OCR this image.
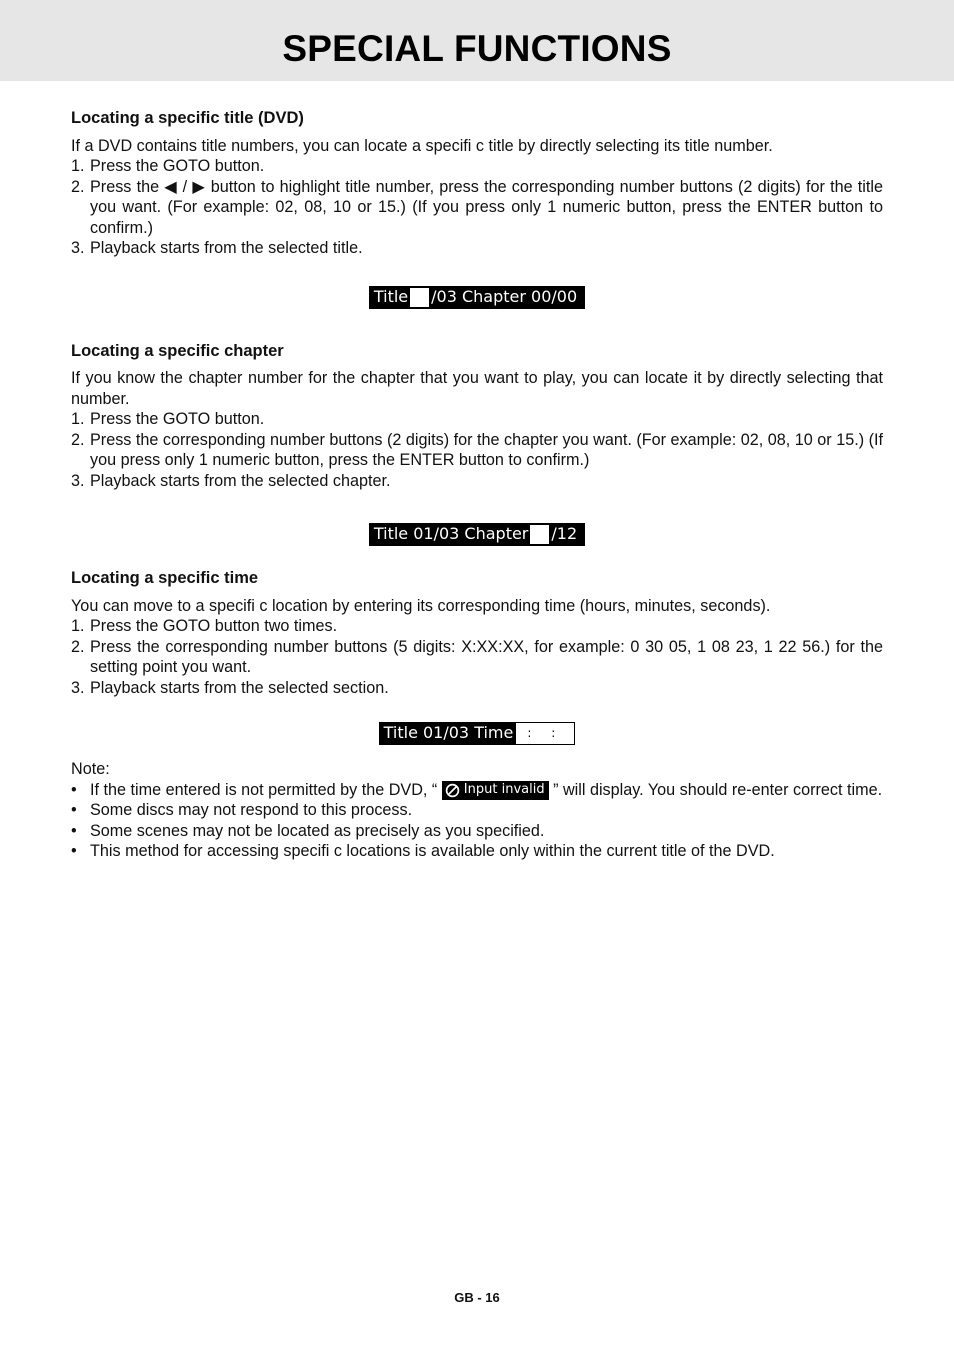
SPECIAL FUNCTIONS
Locating a specific title (DVD)

If a DVD contains title numbers, you can locate a specifi c title by directly selecting its title number.

1. Press the GOTO button.
2. Press the ◀ / ▶ button to highlight title number, press the corresponding number buttons (2 digits) for the title you want. (For example: 02, 08, 10 or 15.) (If you press only 1 numeric button, press the ENTER button to confirm.)
3. Playback starts from the selected title.
Title /03 Chapter 00/00
Locating a specific chapter

If you know the chapter number for the chapter that you want to play, you can locate it by directly selecting that number.

1. Press the GOTO button.
2. Press the corresponding number buttons (2 digits) for the chapter you want. (For example: 02, 08, 10 or 15.) (If you press only 1 numeric button, press the ENTER button to confirm.)
3. Playback starts from the selected chapter.
Title 01/03 Chapter /12
Locating a specific time

You can move to a specifi c location by entering its corresponding time (hours, minutes, seconds).

1. Press the GOTO button two times.
2. Press the corresponding number buttons (5 digits: X:XX:XX, for example: 0 30 05, 1 08 23, 1 22 56.) for the setting point you want.
3. Playback starts from the selected section.
Title 01/03 Time	: :

Note:

• If the time entered is not permitted by the DVD, “ Input invalid ” will display. You should re-enter correct time.
• Some discs may not respond to this process.
• Some scenes may not be located as precisely as you specified.
• This method for accessing specifi c locations is available only within the current title of the DVD.
GB - 16
